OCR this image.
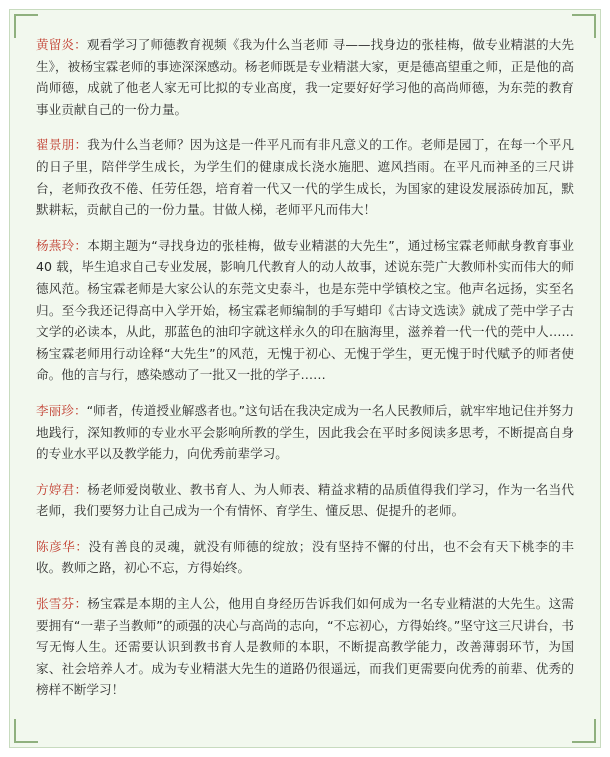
黄留炎：观看学习了师德教育视频《我为什么当老师 寻——找身边的张桂梅，做专业精湛的大先生》，被杨宝霖老师的事迹深深感动。杨老师既是专业精湛大家，更是德高望重之师，正是他的高尚师德，成就了他老人家无可比拟的专业高度，我一定要好好学习他的高尚师德，为东莞的教育事业贡献自己的一份力量。

翟景朋：我为什么当老师？因为这是一件平凡而有非凡意义的工作。老师是园丁，在每一个平凡的日子里，陪伴学生成长，为学生们的健康成长浇水施肥、遮风挡雨。在平凡而神圣的三尺讲台，老师孜孜不倦、任劳任怨，培育着一代又一代的学生成长，为国家的建设发展添砖加瓦，默默耕耘，贡献自己的一份力量。甘做人梯，老师平凡而伟大！

杨燕玲：本期主题为“寻找身边的张桂梅，做专业精湛的大先生”，通过杨宝霖老师献身教育事业 40 载，毕生追求自己专业发展，影响几代教育人的动人故事，述说东莞广大教师朴实而伟大的师德风范。杨宝霖老师是大家公认的东莞文史泰斗，也是东莞中学镇校之宝。他声名远扬，实至名归。至今我还记得高中入学开始，杨宝霖老师编制的手写蜡印《古诗文选读》就成了莞中学子古文学的必读本，从此，那蓝色的油印字就这样永久的印在脑海里，滋养着一代一代的莞中人……杨宝霖老师用行动诠释“大先生”的风范，无愧于初心、无愧于学生，更无愧于时代赋予的师者使命。他的言与行，感染感动了一批又一批的学子……

李丽珍：“师者，传道授业解惑者也。”这句话在我决定成为一名人民教师后，就牢牢地记住并努力地践行，深知教师的专业水平会影响所教的学生，因此我会在平时多阅读多思考，不断提高自身的专业水平以及教学能力，向优秀前辈学习。

方婷君：杨老师爱岗敬业、教书育人、为人师表、精益求精的品质值得我们学习，作为一名当代老师，我们要努力让自己成为一个有情怀、育学生、懂反思、促提升的老师。

陈彦华：没有善良的灵魂，就没有师德的绽放；没有坚持不懈的付出，也不会有天下桃李的丰收。教师之路，初心不忘，方得始终。

张雪芬：杨宝霖是本期的主人公，他用自身经历告诉我们如何成为一名专业精湛的大先生。这需要拥有“一辈子当教师”的顽强的决心与高尚的志向，“不忘初心，方得始终。”坚守这三尺讲台，书写无悔人生。还需要认识到教书育人是教师的本职，不断提高教学能力，改善薄弱环节，为国家、社会培养人才。成为专业精湛大先生的道路仍很遥远，而我们更需要向优秀的前辈、优秀的榜样不断学习！
